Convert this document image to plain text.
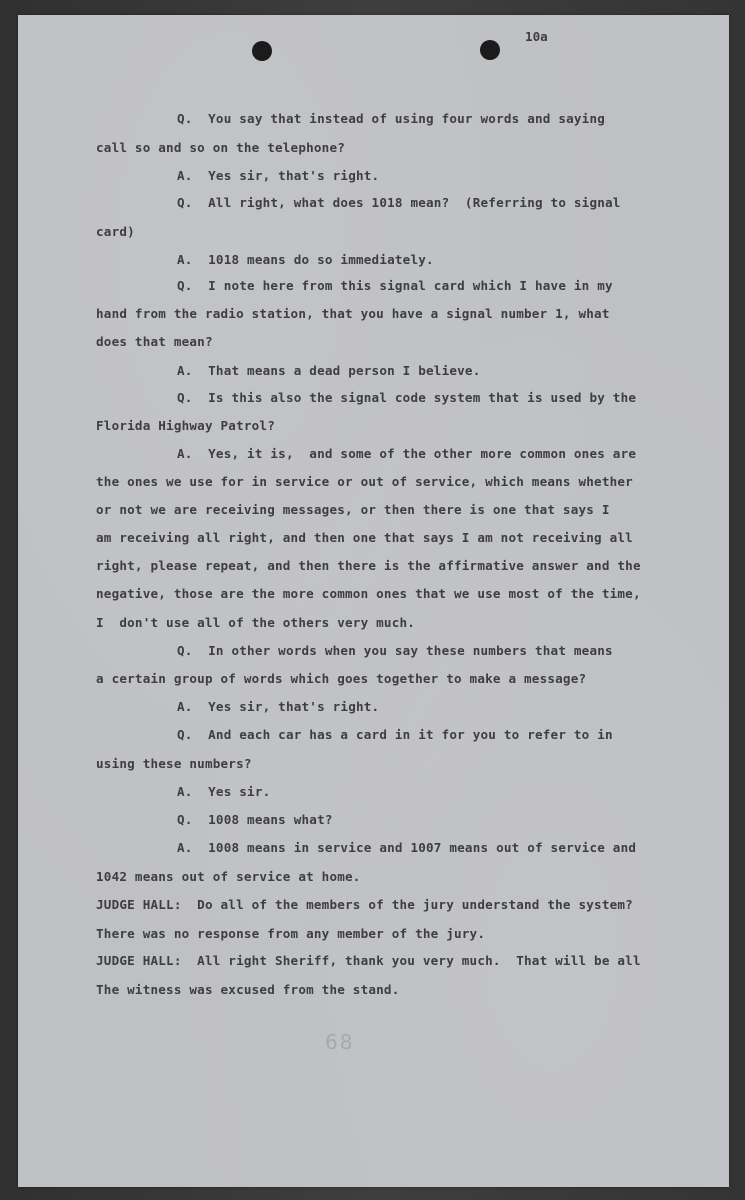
10a
Q.  You say that instead of using four words and saying
call so and so on the telephone?
A.  Yes sir, that's right.
Q.  All right, what does 1018 mean?  (Referring to signal
card)
A.  1018 means do so immediately.
Q.  I note here from this signal card which I have in my
hand from the radio station, that you have a signal number 1, what
does that mean?
A.  That means a dead person I believe.
Q.  Is this also the signal code system that is used by the
Florida Highway Patrol?
A.  Yes, it is,  and some of the other more common ones are
the ones we use for in service or out of service, which means whether
or not we are receiving messages, or then there is one that says I
am receiving all right, and then one that says I am not receiving all
right, please repeat, and then there is the affirmative answer and the
negative, those are the more common ones that we use most of the time,
I  don't use all of the others very much.
Q.  In other words when you say these numbers that means
a certain group of words which goes together to make a message?
A.  Yes sir, that's right.
Q.  And each car has a card in it for you to refer to in
using these numbers?
A.  Yes sir.
Q.  1008 means what?
A.  1008 means in service and 1007 means out of service and
1042 means out of service at home.
JUDGE HALL:  Do all of the members of the jury understand the system?
There was no response from any member of the jury.
JUDGE HALL:  All right Sheriff, thank you very much.  That will be all
The witness was excused from the stand.
68
